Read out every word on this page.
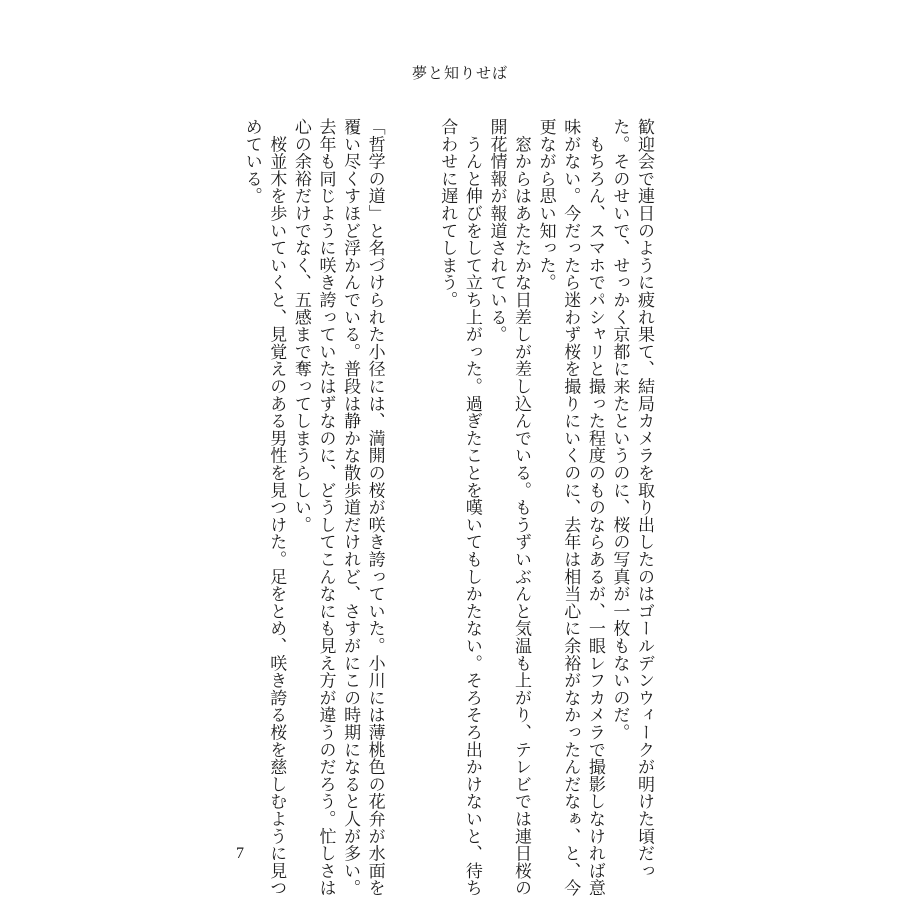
夢と知りせば
歓迎会で連日のように疲れ果て、結局カメラを取り出したのはゴールデンウィークが明けた頃だっ
た。そのせいで、せっかく京都に来たというのに、桜の写真が一枚もないのだ。
　もちろん、スマホでパシャリと撮った程度のものならあるが、一眼レフカメラで撮影しなければ意
味がない。今だったら迷わず桜を撮りにいくのに、去年は相当心に余裕がなかったんだなぁ、と、今
更ながら思い知った。
　窓からはあたたかな日差しが差し込んでいる。もうずいぶんと気温も上がり、テレビでは連日桜の
開花情報が報道されている。
　うんと伸びをして立ち上がった。過ぎたことを嘆いてもしかたない。そろそろ出かけないと、待ち
合わせに遅れてしまう。
「哲学の道」と名づけられた小径には、満開の桜が咲き誇っていた。小川には薄桃色の花弁が水面を
覆い尽くすほど浮かんでいる。普段は静かな散歩道だけれど、さすがにこの時期になると人が多い。
去年も同じように咲き誇っていたはずなのに、どうしてこんなにも見え方が違うのだろう。忙しさは
心の余裕だけでなく、五感まで奪ってしまうらしい。
　桜並木を歩いていくと、見覚えのある男性を見つけた。足をとめ、咲き誇る桜を慈しむように見つ
めている。
7
